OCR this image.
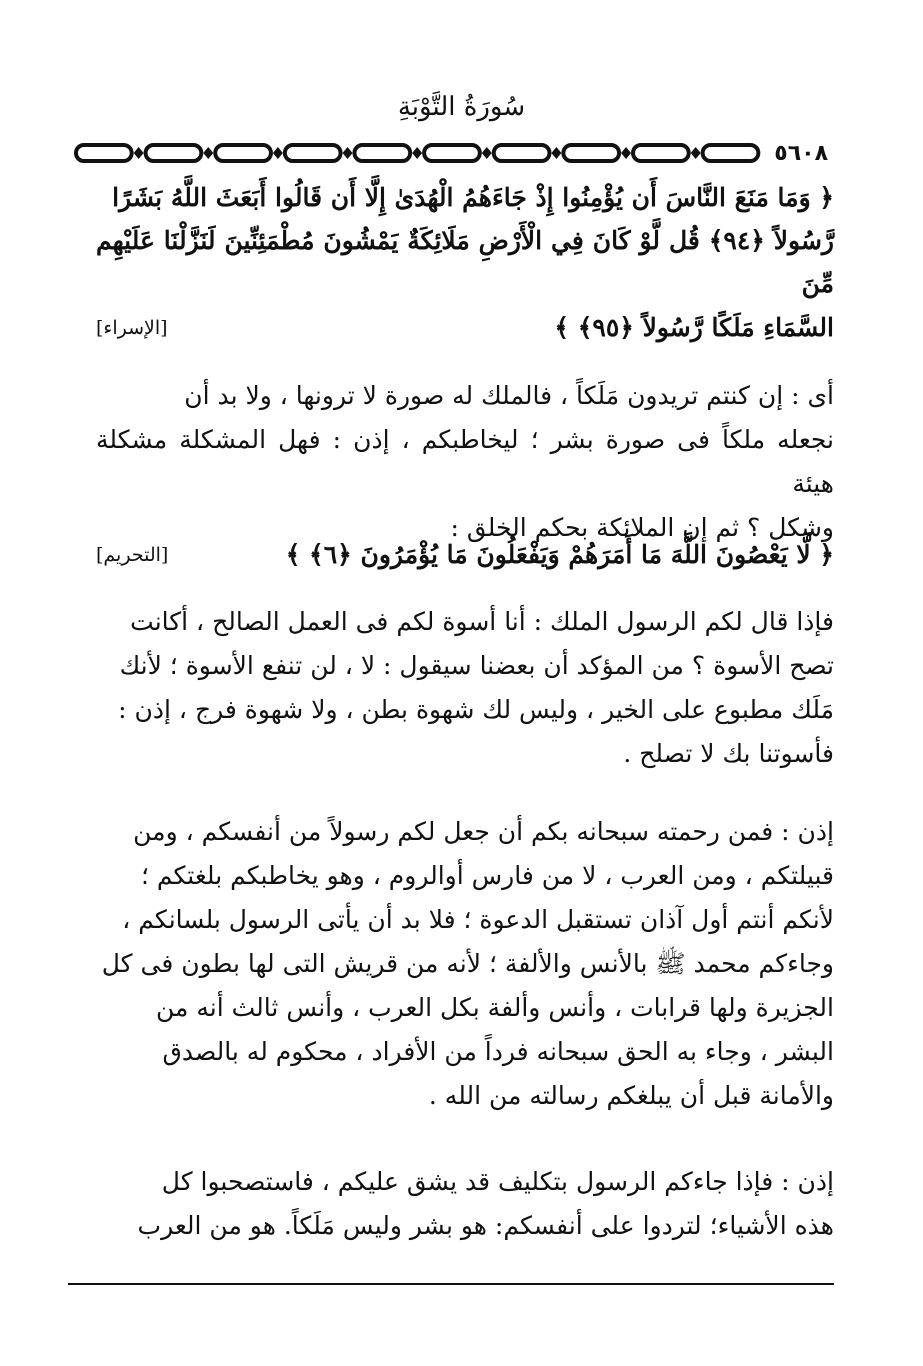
سُورَةُ التَّوْبَةِ
٥٦٠٨
﴿ وَمَا مَنَعَ النَّاسَ أَن يُؤْمِنُوا إِذْ جَاءَهُمُ الْهُدَىٰ إِلَّا أَن قَالُوا أَبَعَثَ اللَّهُ بَشَرًا
رَّسُولاً ﴿٩٤﴾ قُل لَّوْ كَانَ فِي الْأَرْضِ مَلَائِكَةٌ يَمْشُونَ مُطْمَئِنِّينَ لَنَزَّلْنَا عَلَيْهِم مِّنَ
السَّمَاءِ مَلَكًا رَّسُولاً ﴿٩٥﴾ ﴾
[الإسراء]
أى : إن كنتم تريدون مَلَكاً ، فالملك له صورة لا ترونها ، ولا بد أن
نجعله ملكاً فى صورة بشر ؛ ليخاطبكم ، إذن : فهل المشكلة مشكلة هيئة
وشكل ؟ ثم إن الملائكة بحكم الخلق :
﴿ لَّا يَعْصُونَ اللَّهَ مَا أَمَرَهُمْ وَيَفْعَلُونَ مَا يُؤْمَرُونَ ﴿٦﴾ ﴾
[التحريم]
فإذا قال لكم الرسول الملك : أنا أسوة لكم فى العمل الصالح ، أكانت
تصح الأسوة ؟ من المؤكد أن بعضنا سيقول : لا ، لن تنفع الأسوة ؛ لأنك
مَلَك مطبوع على الخير ، وليس لك شهوة بطن ، ولا شهوة فرج ، إذن :
فأسوتنا بك لا تصلح .
إذن : فمن رحمته سبحانه بكم أن جعل لكم رسولاً من أنفسكم ، ومن
قبيلتكم ، ومن العرب ، لا من فارس أوالروم ، وهو يخاطبكم بلغتكم ؛
لأنكم أنتم أول آذان تستقبل الدعوة ؛ فلا بد أن يأتى الرسول بلسانكم ،
وجاءكم محمد ﷺ بالأنس والألفة ؛ لأنه من قريش التى لها بطون فى كل
الجزيرة ولها قرابات ، وأنس وألفة بكل العرب ، وأنس ثالث أنه من
البشر ، وجاء به الحق سبحانه فرداً من الأفراد ، محكوم له بالصدق
والأمانة قبل أن يبلغكم رسالته من الله .
إذن : فإذا جاءكم الرسول بتكليف قد يشق عليكم ، فاستصحبوا كل
هذه الأشياء؛ لتردوا على أنفسكم: هو بشر وليس مَلَكاً. هو من العرب
